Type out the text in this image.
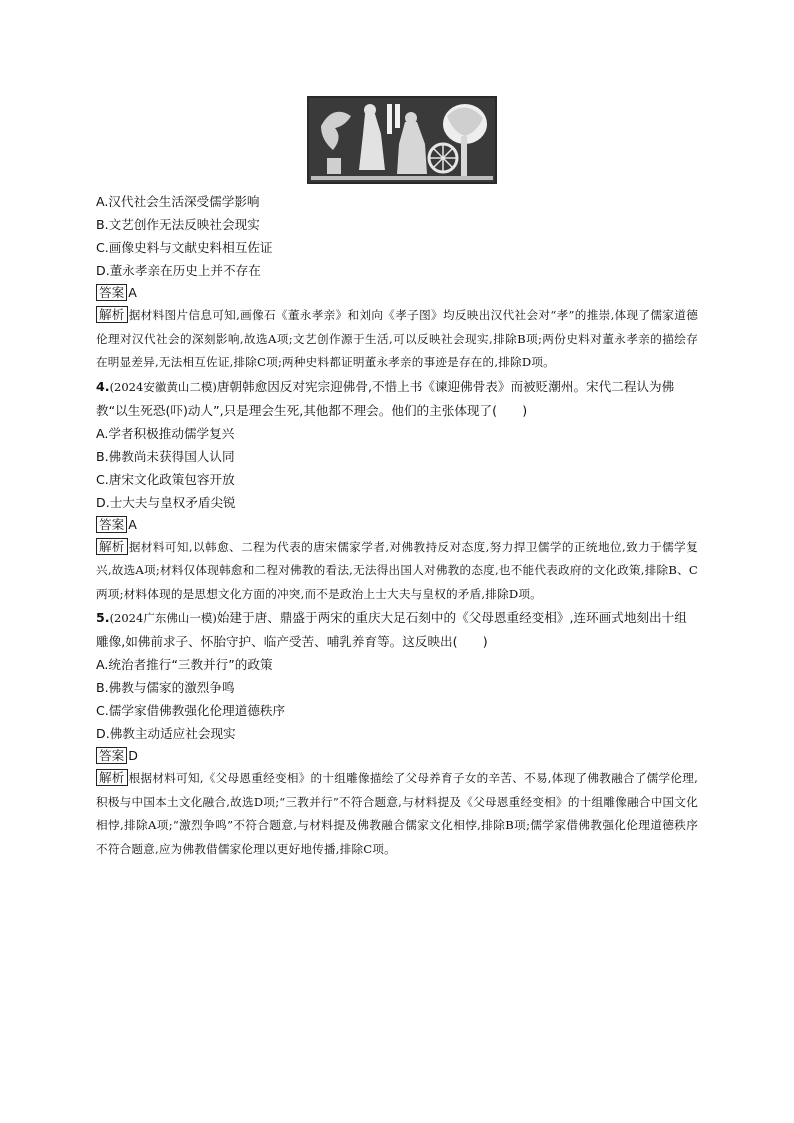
A.汉代社会生活深受儒学影响
B.文艺创作无法反映社会现实
C.画像史料与文献史料相互佐证
D.董永孝亲在历史上并不存在
答案 A
解析 据材料图片信息可知,画像石《董永孝亲》和刘向《孝子图》均反映出汉代社会对“孝”的推崇,体现了儒家道德伦理对汉代社会的深刻影响,故选A项;文艺创作源于生活,可以反映社会现实,排除B项;两份史料对董永孝亲的描绘存在明显差异,无法相互佐证,排除C项;两种史料都证明董永孝亲的事迹是存在的,排除D项。
4.(2024安徽黄山二模)唐朝韩愈因反对宪宗迎佛骨,不惜上书《谏迎佛骨表》而被贬潮州。宋代二程认为佛教“以生死恐(吓)动人”,只是理会生死,其他都不理会。他们的主张体现了(　　)
A.学者积极推动儒学复兴
B.佛教尚未获得国人认同
C.唐宋文化政策包容开放
D.士大夫与皇权矛盾尖锐
答案 A
解析 据材料可知,以韩愈、二程为代表的唐宋儒家学者,对佛教持反对态度,努力捍卫儒学的正统地位,致力于儒学复兴,故选A项;材料仅体现韩愈和二程对佛教的看法,无法得出国人对佛教的态度,也不能代表政府的文化政策,排除B、C两项;材料体现的是思想文化方面的冲突,而不是政治上士大夫与皇权的矛盾,排除D项。
5.(2024广东佛山一模)始建于唐、鼎盛于两宋的重庆大足石刻中的《父母恩重经变相》,连环画式地刻出十组雕像,如佛前求子、怀胎守护、临产受苦、哺乳养育等。这反映出(　　)
A.统治者推行“三教并行”的政策
B.佛教与儒家的激烈争鸣
C.儒学家借佛教强化伦理道德秩序
D.佛教主动适应社会现实
答案 D
解析 根据材料可知,《父母恩重经变相》的十组雕像描绘了父母养育子女的辛苦、不易,体现了佛教融合了儒学伦理,积极与中国本土文化融合,故选D项;“三教并行”不符合题意,与材料提及《父母恩重经变相》的十组雕像融合中国文化相悖,排除A项;“激烈争鸣”不符合题意,与材料提及佛教融合儒家文化相悖,排除B项;儒学家借佛教强化伦理道德秩序不符合题意,应为佛教借儒家伦理以更好地传播,排除C项。
